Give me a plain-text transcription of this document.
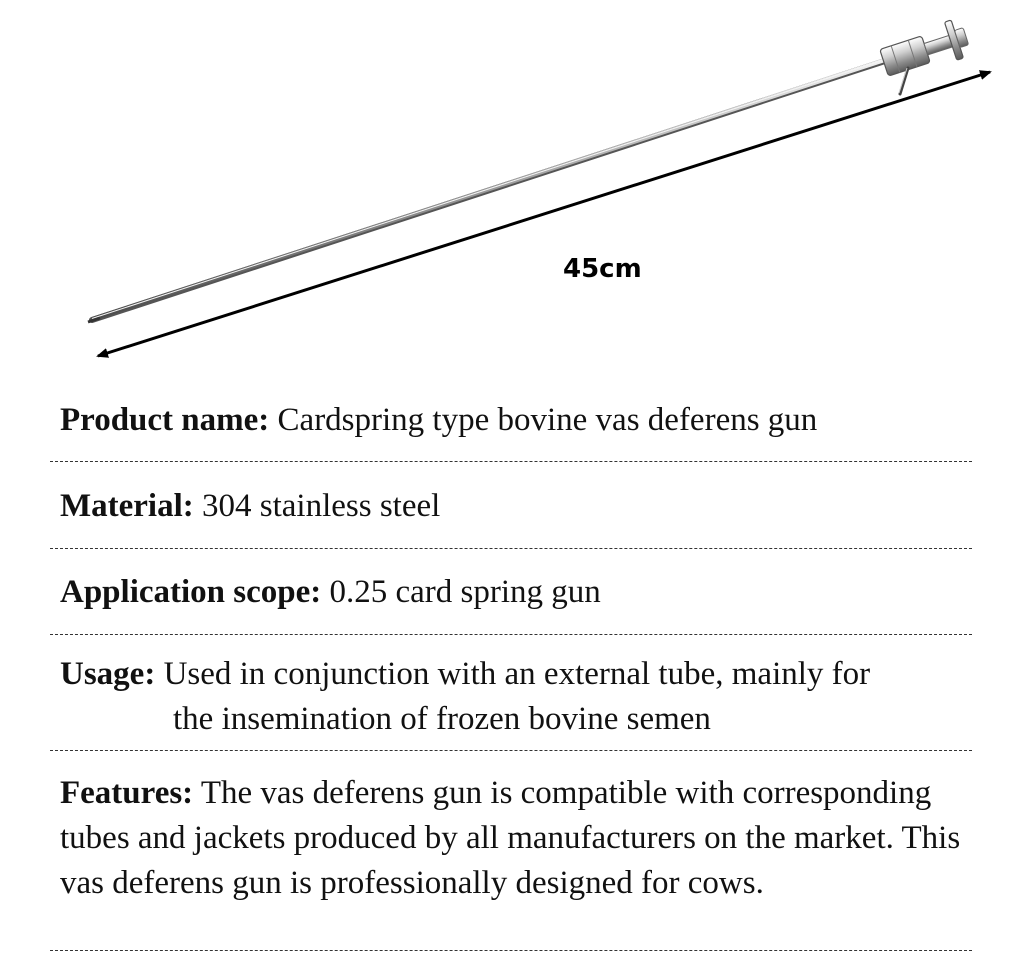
45cm

Product name: Cardspring type bovine vas deferens gun

Material: 304 stainless steel

Application scope: 0.25 card spring gun

Usage: Used in conjunction with an external tube, mainly for
the insemination of frozen bovine semen

Features: The vas deferens gun is compatible with corresponding tubes and jackets produced by all manufacturers on the market. This vas deferens gun is professionally designed for cows.
